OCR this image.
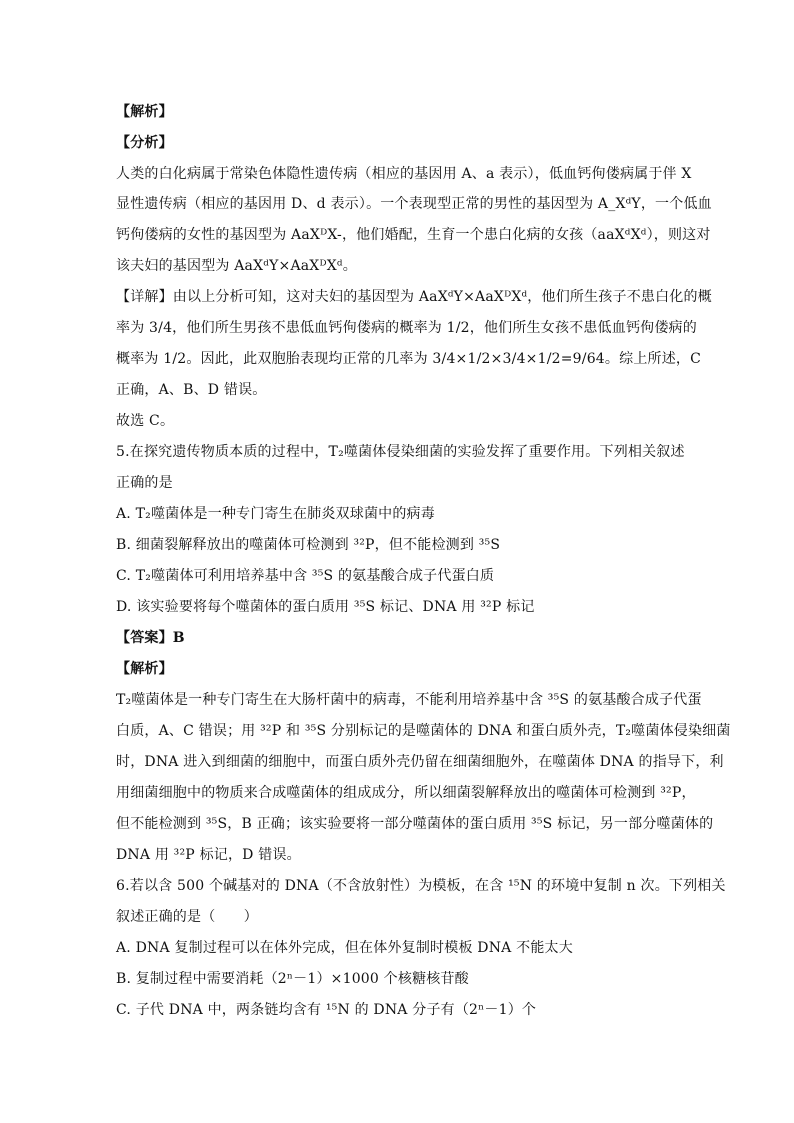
【解析】
【分析】
人类的白化病属于常染色体隐性遗传病（相应的基因用 A、a 表示），低血钙佝偻病属于伴 X
显性遗传病（相应的基因用 D、d 表示）。一个表现型正常的男性的基因型为 A_XᵈY，一个低血
钙佝偻病的女性的基因型为 AaXᴰX-，他们婚配，生育一个患白化病的女孩（aaXᵈXᵈ），则这对
该夫妇的基因型为 AaXᵈY×AaXᴰXᵈ。
【详解】由以上分析可知，这对夫妇的基因型为 AaXᵈY×AaXᴰXᵈ，他们所生孩子不患白化的概
率为 3/4，他们所生男孩不患低血钙佝偻病的概率为 1/2，他们所生女孩不患低血钙佝偻病的
概率为 1/2。因此，此双胞胎表现均正常的几率为 3/4×1/2×3/4×1/2=9/64。综上所述，C
正确，A、B、D 错误。
故选 C。
5.在探究遗传物质本质的过程中，T₂噬菌体侵染细菌的实验发挥了重要作用。下列相关叙述
正确的是
A. T₂噬菌体是一种专门寄生在肺炎双球菌中的病毒
B. 细菌裂解释放出的噬菌体可检测到 ³²P，但不能检测到 ³⁵S
C. T₂噬菌体可利用培养基中含 ³⁵S 的氨基酸合成子代蛋白质
D. 该实验要将每个噬菌体的蛋白质用 ³⁵S 标记、DNA 用 ³²P 标记
【答案】B
【解析】
T₂噬菌体是一种专门寄生在大肠杆菌中的病毒，不能利用培养基中含 ³⁵S 的氨基酸合成子代蛋
白质，A、C 错误；用 ³²P 和 ³⁵S 分别标记的是噬菌体的 DNA 和蛋白质外壳，T₂噬菌体侵染细菌
时，DNA 进入到细菌的细胞中，而蛋白质外壳仍留在细菌细胞外，在噬菌体 DNA 的指导下，利
用细菌细胞中的物质来合成噬菌体的组成成分，所以细菌裂解释放出的噬菌体可检测到 ³²P，
但不能检测到 ³⁵S，B 正确；该实验要将一部分噬菌体的蛋白质用 ³⁵S 标记，另一部分噬菌体的
DNA 用 ³²P 标记，D 错误。
6.若以含 500 个碱基对的 DNA（不含放射性）为模板，在含 ¹⁵N 的环境中复制 n 次。下列相关
叙述正确的是（　　）
A. DNA 复制过程可以在体外完成，但在体外复制时模板 DNA 不能太大
B. 复制过程中需要消耗（2ⁿ－1）×1000 个核糖核苷酸
C. 子代 DNA 中，两条链均含有 ¹⁵N 的 DNA 分子有（2ⁿ－1）个
